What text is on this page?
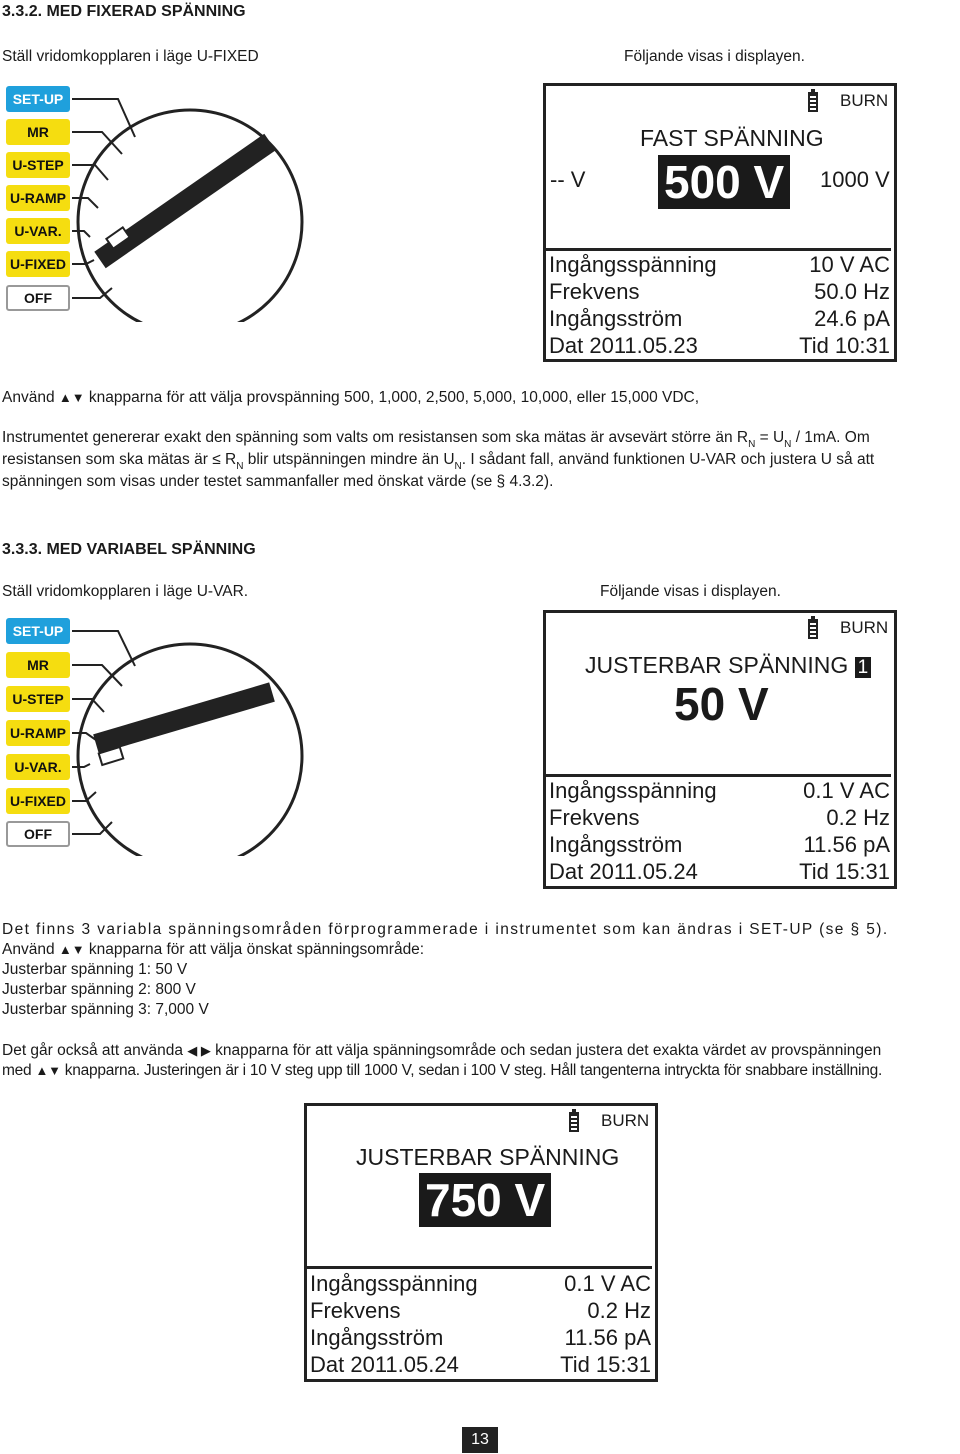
3.3.2. MED FIXERAD SPÄNNING
Ställ vridomkopplaren i läge U-FIXED	Följande visas i displayen.
SET-UP
MR
U-STEP
U-RAMP
U-VAR.
U-FIXED
OFF
BURN
FAST SPÄNNING
-- V 500 V 1000 V
Ingångsspänning	10 V AC
Frekvens	50.0 Hz
Ingångsström	24.6 pA
Dat 2011.05.23	Tid 10:31
Använd ▲▼ knapparna för att välja provspänning 500, 1,000, 2,500, 5,000, 10,000, eller 15,000 VDC,
Instrumentet genererar exakt den spänning som valts om resistansen som ska mätas är avsevärt större än $R_N = U_N / 1mA$. Om
resistansen som ska mätas är ≤ $R_N$ blir utspänningen mindre än $U_N$. I sådant fall, använd funktionen U-VAR och justera U så att
spänningen som visas under testet sammanfaller med önskat värde (se § 4.3.2).
3.3.3. MED VARIABEL SPÄNNING
Ställ vridomkopplaren i läge U-VAR.	Följande visas i displayen.
SET-UP
MR
U-STEP
U-RAMP
U-VAR.
U-FIXED
OFF
BURN
JUSTERBAR SPÄNNING 1
50 V
Ingångsspänning	0.1 V AC
Frekvens	0.2 Hz
Ingångsström	11.56 pA
Dat 2011.05.24	Tid 15:31
Det finns 3 variabla spänningsområden förprogrammerade i instrumentet som kan ändras i SET-UP (se § 5).
Använd ▲▼ knapparna för att välja önskat spänningsområde:
Justerbar spänning 1: 50 V
Justerbar spänning 2: 800 V
Justerbar spänning 3: 7,000 V
Det går också att använda ◀ ▶ knapparna för att välja spänningsområde och sedan justera det exakta värdet av provspänningen
med ▲▼ knapparna. Justeringen är i 10 V steg upp till 1000 V, sedan i 100 V steg. Håll tangenterna intryckta för snabbare inställning.
BURN
JUSTERBAR SPÄNNING
750 V
Ingångsspänning	0.1 V AC
Frekvens	0.2 Hz
Ingångsström	11.56 pA
Dat 2011.05.24	Tid 15:31
13
